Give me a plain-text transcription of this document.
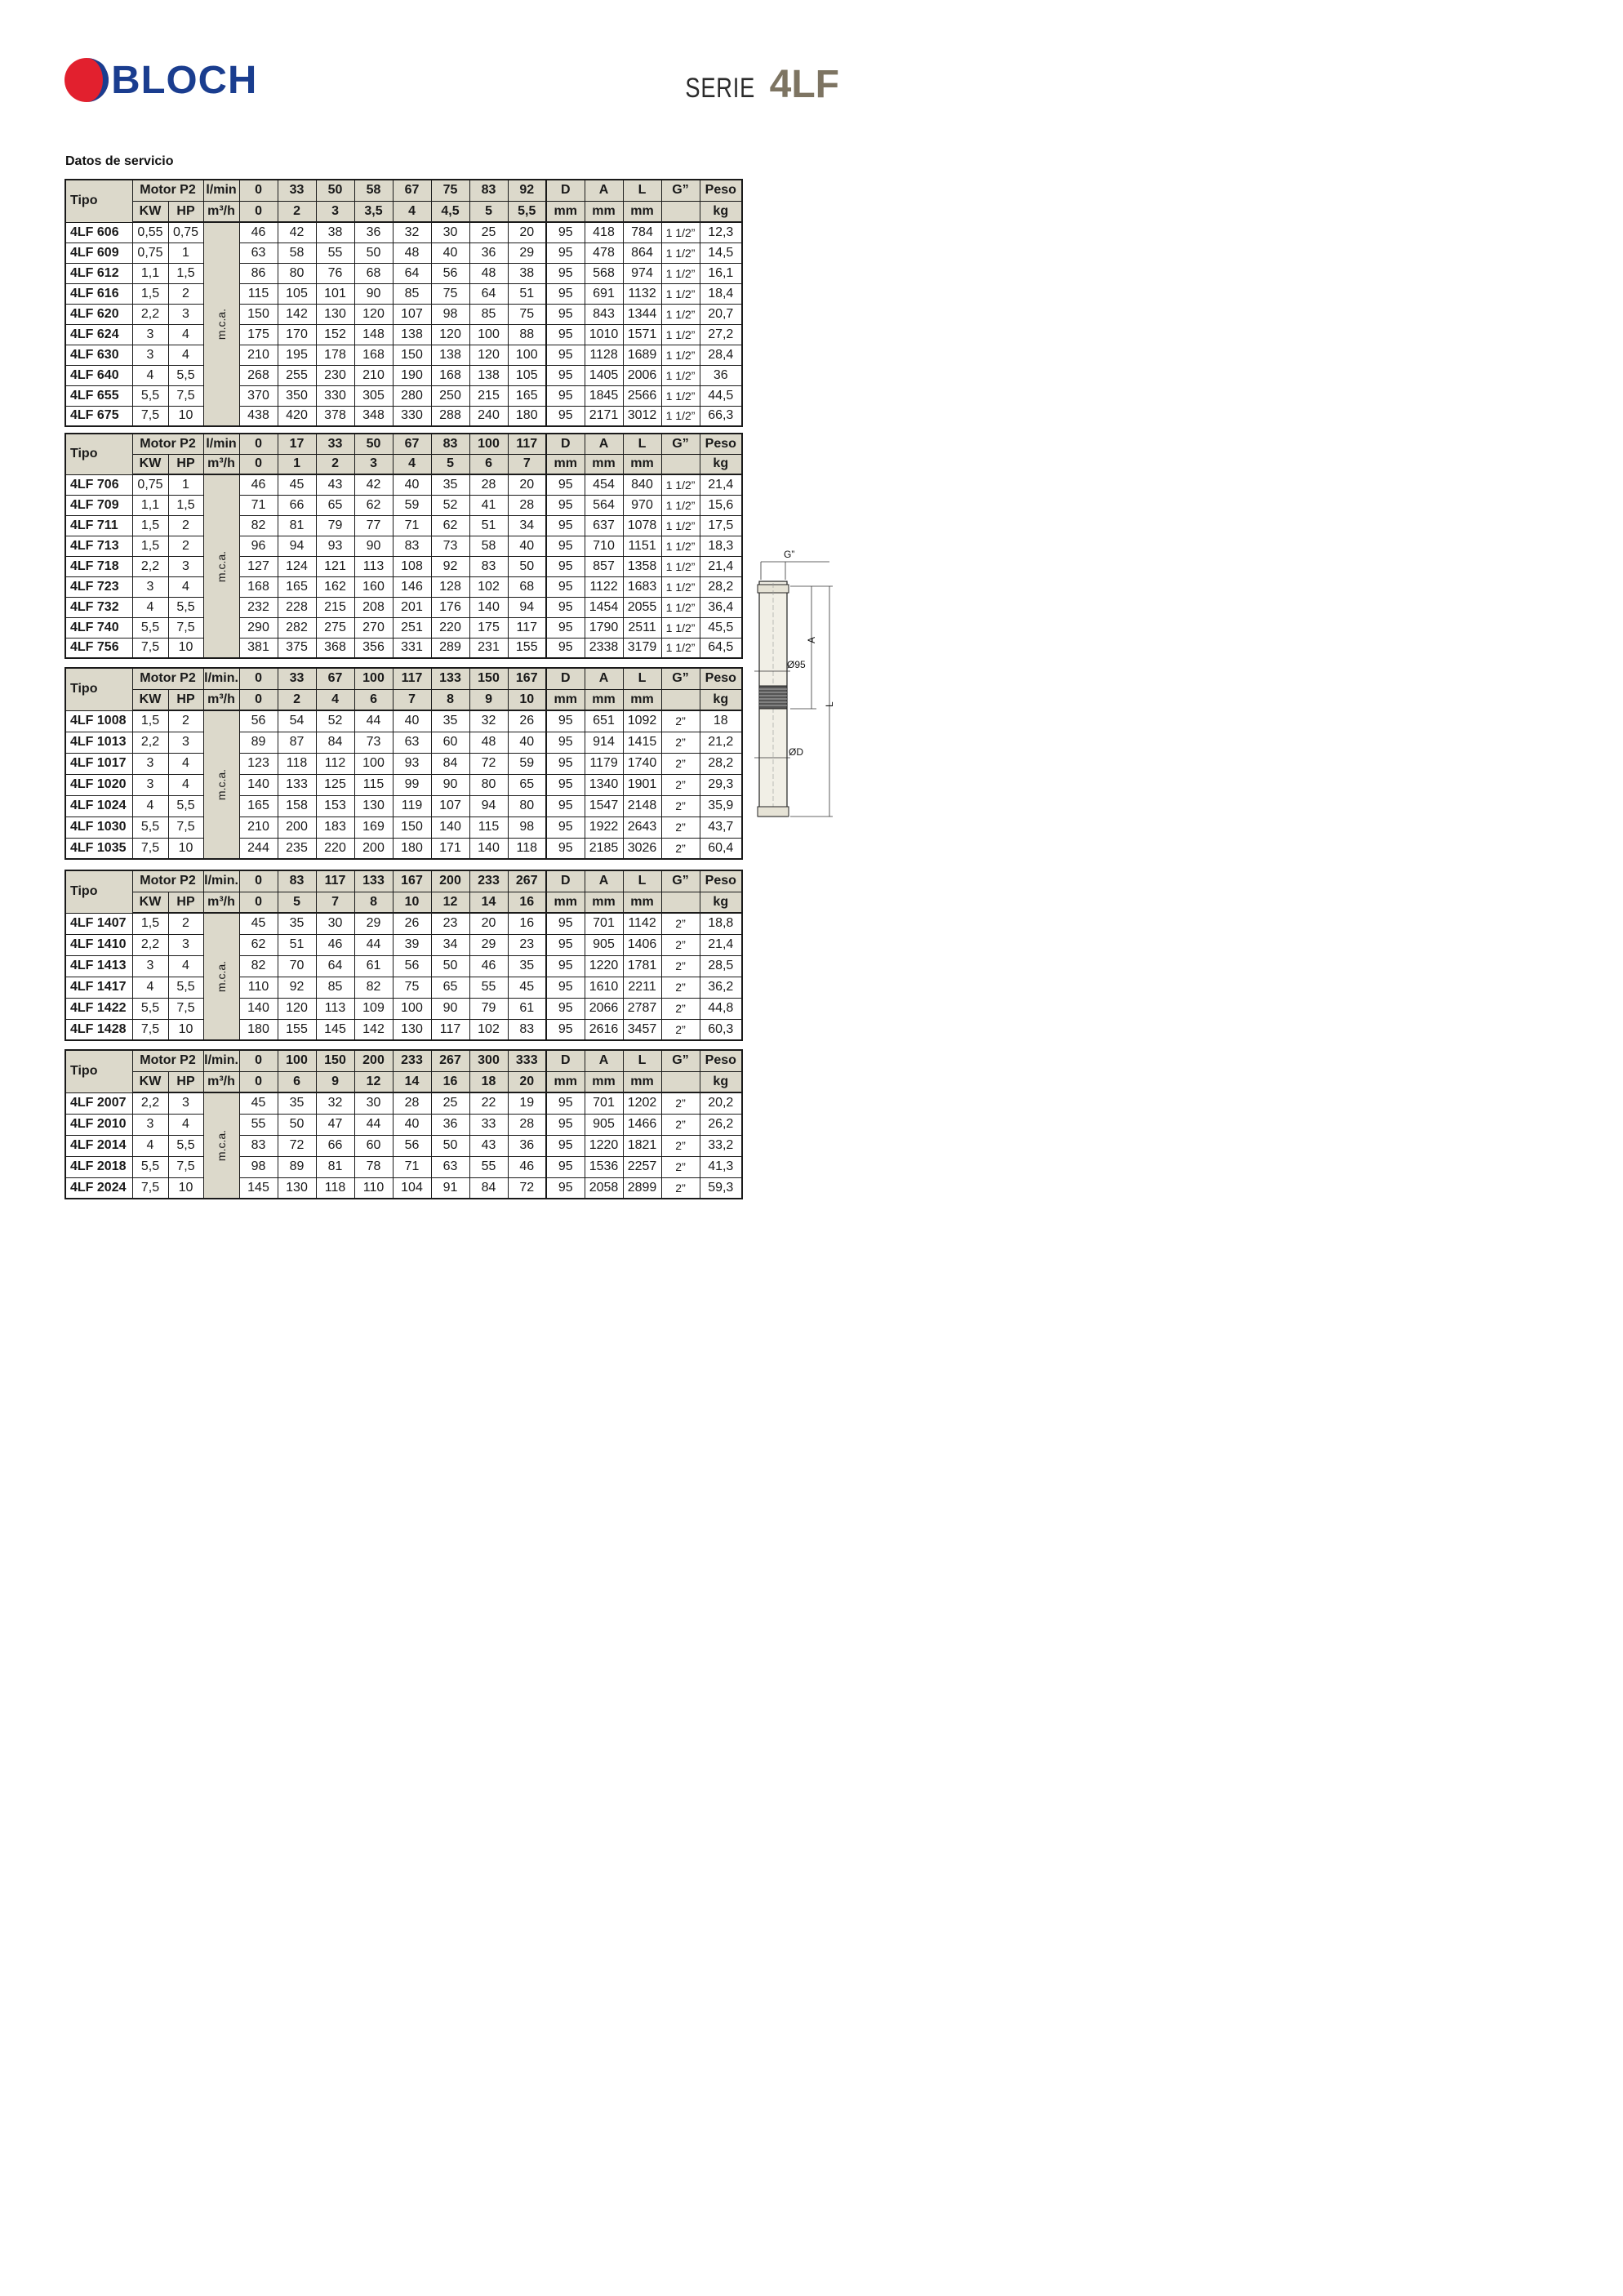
BLOCH	SERIE 4LF
Datos de servicio
Tipo	Motor P2		l/min	0	33	50	58	67	75	83	92	D	A	L	G”	Peso
	KW	HP	m³/h	0	2	3	3,5	4	4,5	5	5,5	mm	mm	mm		kg
4LF 606	0,55	0,75	m.c.a.	46	42	38	36	32	30	25	20	95	418	784	1 1/2”	12,3
4LF 609	0,75	1		63	58	55	50	48	40	36	29	95	478	864	1 1/2”	14,5
4LF 612	1,1	1,5		86	80	76	68	64	56	48	38	95	568	974	1 1/2”	16,1
4LF 616	1,5	2		115	105	101	90	85	75	64	51	95	691	1132	1 1/2”	18,4
4LF 620	2,2	3		150	142	130	120	107	98	85	75	95	843	1344	1 1/2”	20,7
4LF 624	3	4		175	170	152	148	138	120	100	88	95	1010	1571	1 1/2”	27,2
4LF 630	3	4		210	195	178	168	150	138	120	100	95	1128	1689	1 1/2”	28,4
4LF 640	4	5,5		268	255	230	210	190	168	138	105	95	1405	2006	1 1/2”	36
4LF 655	5,5	7,5		370	350	330	305	280	250	215	165	95	1845	2566	1 1/2”	44,5
4LF 675	7,5	10		438	420	378	348	330	288	240	180	95	2171	3012	1 1/2”	66,3
Tipo	Motor P2		l/min	0	17	33	50	67	83	100	117	D	A	L	G”	Peso
	KW	HP	m³/h	0	1	2	3	4	5	6	7	mm	mm	mm		kg
4LF 706	0,75	1	m.c.a.	46	45	43	42	40	35	28	20	95	454	840	1 1/2”	21,4
4LF 709	1,1	1,5		71	66	65	62	59	52	41	28	95	564	970	1 1/2”	15,6
4LF 711	1,5	2		82	81	79	77	71	62	51	34	95	637	1078	1 1/2”	17,5
4LF 713	1,5	2		96	94	93	90	83	73	58	40	95	710	1151	1 1/2”	18,3
4LF 718	2,2	3		127	124	121	113	108	92	83	50	95	857	1358	1 1/2”	21,4
4LF 723	3	4		168	165	162	160	146	128	102	68	95	1122	1683	1 1/2”	28,2
4LF 732	4	5,5		232	228	215	208	201	176	140	94	95	1454	2055	1 1/2”	36,4
4LF 740	5,5	7,5		290	282	275	270	251	220	175	117	95	1790	2511	1 1/2”	45,5
4LF 756	7,5	10		381	375	368	356	331	289	231	155	95	2338	3179	1 1/2”	64,5
Tipo	Motor P2		l/min.	0	33	67	100	117	133	150	167	D	A	L	G”	Peso
	KW	HP	m³/h	0	2	4	6	7	8	9	10	mm	mm	mm		kg
4LF 1008	1,5	2	m.c.a.	56	54	52	44	40	35	32	26	95	651	1092	2”	18
4LF 1013	2,2	3		89	87	84	73	63	60	48	40	95	914	1415	2”	21,2
4LF 1017	3	4		123	118	112	100	93	84	72	59	95	1179	1740	2”	28,2
4LF 1020	3	4		140	133	125	115	99	90	80	65	95	1340	1901	2”	29,3
4LF 1024	4	5,5		165	158	153	130	119	107	94	80	95	1547	2148	2”	35,9
4LF 1030	5,5	7,5		210	200	183	169	150	140	115	98	95	1922	2643	2”	43,7
4LF 1035	7,5	10		244	235	220	200	180	171	140	118	95	2185	3026	2”	60,4
Tipo	Motor P2		l/min.	0	83	117	133	167	200	233	267	D	A	L	G”	Peso
	KW	HP	m³/h	0	5	7	8	10	12	14	16	mm	mm	mm		kg
4LF 1407	1,5	2	m.c.a.	45	35	30	29	26	23	20	16	95	701	1142	2”	18,8
4LF 1410	2,2	3		62	51	46	44	39	34	29	23	95	905	1406	2”	21,4
4LF 1413	3	4		82	70	64	61	56	50	46	35	95	1220	1781	2”	28,5
4LF 1417	4	5,5		110	92	85	82	75	65	55	45	95	1610	2211	2”	36,2
4LF 1422	5,5	7,5		140	120	113	109	100	90	79	61	95	2066	2787	2”	44,8
4LF 1428	7,5	10		180	155	145	142	130	117	102	83	95	2616	3457	2”	60,3
Tipo	Motor P2		l/min.	0	100	150	200	233	267	300	333	D	A	L	G”	Peso
	KW	HP	m³/h	0	6	9	12	14	16	18	20	mm	mm	mm		kg
4LF 2007	2,2	3	m.c.a.	45	35	32	30	28	25	22	19	95	701	1202	2”	20,2
4LF 2010	3	4		55	50	47	44	40	36	33	28	95	905	1466	2”	26,2
4LF 2014	4	5,5		83	72	66	60	56	50	43	36	95	1220	1821	2”	33,2
4LF 2018	5,5	7,5		98	89	81	78	71	63	55	46	95	1536	2257	2”	41,3
4LF 2024	7,5	10		145	130	118	110	104	91	84	72	95	2058	2899	2”	59,3
G”
Ø95
ØD
A
L
